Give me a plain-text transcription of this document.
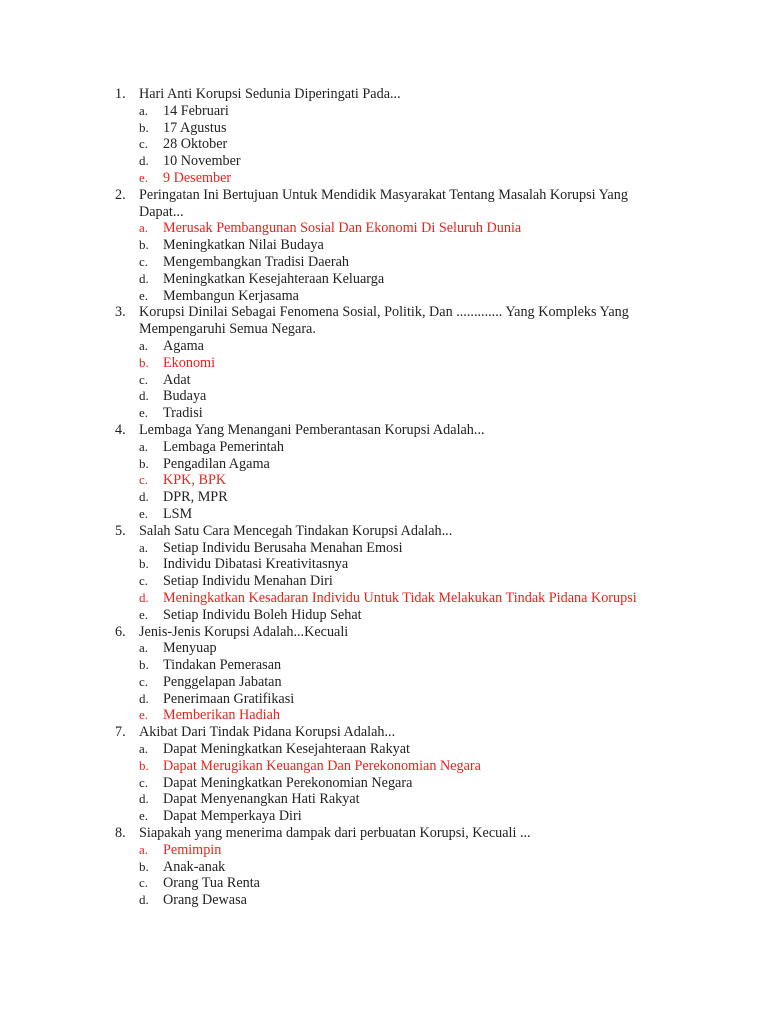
1. Hari Anti Korupsi Sedunia Diperingati Pada...
a.	14 Februari
b.	17 Agustus
c.	28 Oktober
d.	10 November
e.	9 Desember
2. Peringatan Ini Bertujuan Untuk Mendidik Masyarakat Tentang Masalah Korupsi Yang Dapat...
a.	Merusak Pembangunan Sosial Dan Ekonomi Di Seluruh Dunia
b.	Meningkatkan Nilai Budaya
c.	Mengembangkan Tradisi Daerah
d.	Meningkatkan Kesejahteraan Keluarga
e.	Membangun Kerjasama
3. Korupsi Dinilai Sebagai Fenomena Sosial, Politik, Dan ............. Yang Kompleks Yang Mempengaruhi Semua Negara.
a.	Agama
b.	Ekonomi
c.	Adat
d.	Budaya
e.	Tradisi
4. Lembaga Yang Menangani Pemberantasan Korupsi Adalah...
a.	Lembaga Pemerintah
b.	Pengadilan Agama
c.	KPK, BPK
d.	DPR, MPR
e.	LSM
5. Salah Satu Cara Mencegah Tindakan Korupsi Adalah...
a.	Setiap Individu Berusaha Menahan Emosi
b.	Individu Dibatasi Kreativitasnya
c.	Setiap Individu Menahan Diri
d.	Meningkatkan Kesadaran Individu Untuk Tidak Melakukan Tindak Pidana Korupsi
e.	Setiap Individu Boleh Hidup Sehat
6. Jenis-Jenis Korupsi Adalah...Kecuali
a.	Menyuap
b.	Tindakan Pemerasan
c.	Penggelapan Jabatan
d.	Penerimaan Gratifikasi
e.	Memberikan Hadiah
7. Akibat Dari Tindak Pidana Korupsi Adalah...
a.	Dapat Meningkatkan Kesejahteraan Rakyat
b.	Dapat Merugikan Keuangan Dan Perekonomian Negara
c.	Dapat Meningkatkan Perekonomian Negara
d.	Dapat Menyenangkan Hati Rakyat
e.	Dapat Memperkaya Diri
8. Siapakah yang menerima dampak dari perbuatan Korupsi, Kecuali ...
a.	Pemimpin
b.	Anak-anak
c.	Orang Tua Renta
d.	Orang Dewasa
